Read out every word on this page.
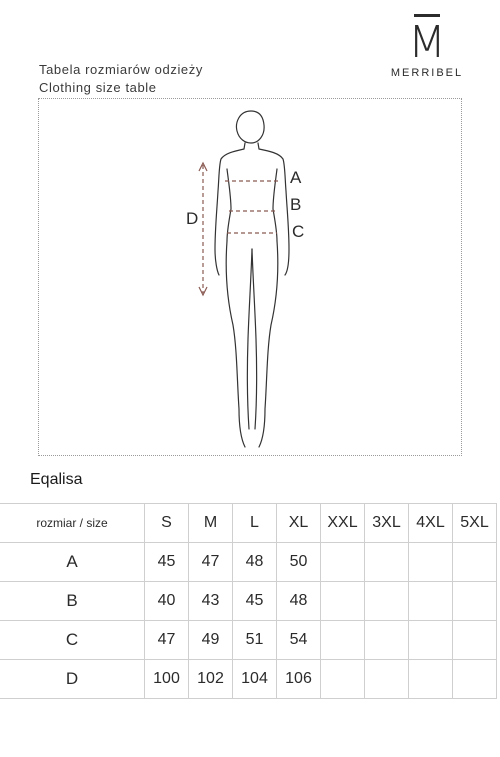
M
MERRIBEL
Tabela rozmiarów odzieży
Clothing size table
A
B
C
D
Eqalisa
rozmiar / size	S	M	L	XL	XXL	3XL	4XL	5XL
A	45	47	48	50				
B	40	43	45	48				
C	47	49	51	54				
D	100	102	104	106				
